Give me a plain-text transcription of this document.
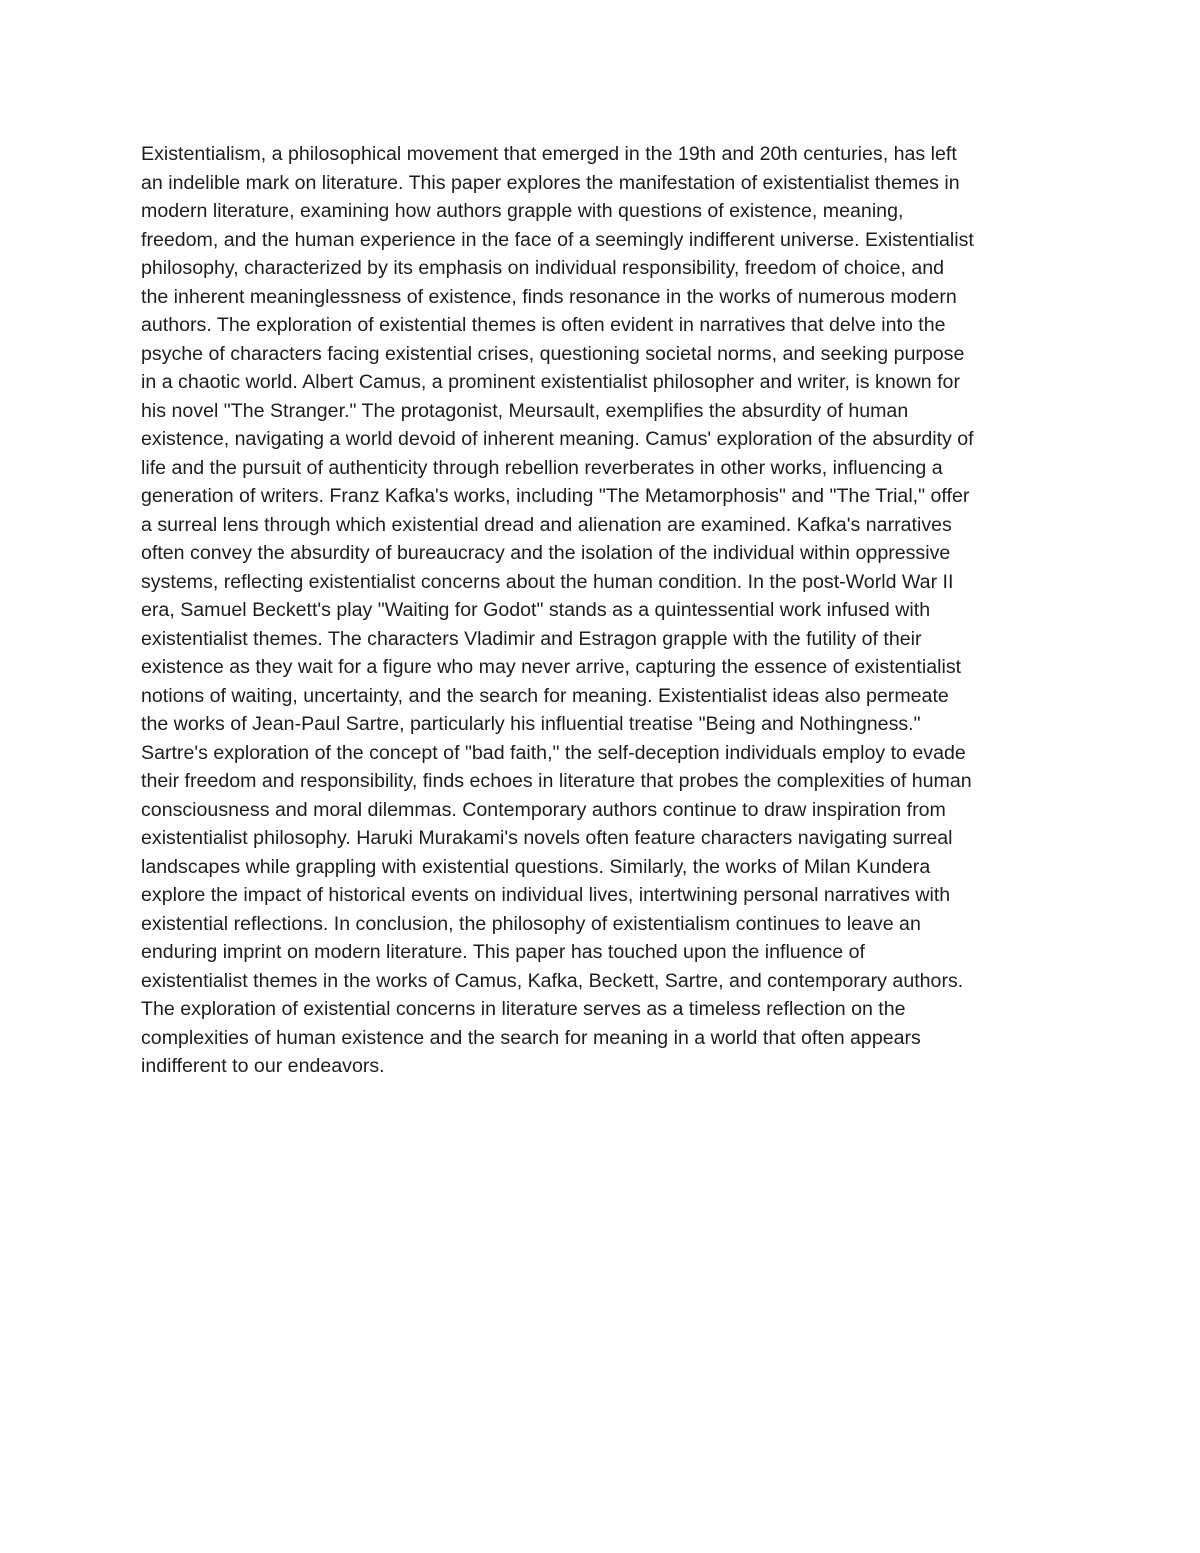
Existentialism, a philosophical movement that emerged in the 19th and 20th centuries, has left
an indelible mark on literature. This paper explores the manifestation of existentialist themes in
modern literature, examining how authors grapple with questions of existence, meaning,
freedom, and the human experience in the face of a seemingly indifferent universe. Existentialist
philosophy, characterized by its emphasis on individual responsibility, freedom of choice, and
the inherent meaninglessness of existence, finds resonance in the works of numerous modern
authors. The exploration of existential themes is often evident in narratives that delve into the
psyche of characters facing existential crises, questioning societal norms, and seeking purpose
in a chaotic world. Albert Camus, a prominent existentialist philosopher and writer, is known for
his novel "The Stranger." The protagonist, Meursault, exemplifies the absurdity of human
existence, navigating a world devoid of inherent meaning. Camus' exploration of the absurdity of
life and the pursuit of authenticity through rebellion reverberates in other works, influencing a
generation of writers. Franz Kafka's works, including "The Metamorphosis" and "The Trial," offer
a surreal lens through which existential dread and alienation are examined. Kafka's narratives
often convey the absurdity of bureaucracy and the isolation of the individual within oppressive
systems, reflecting existentialist concerns about the human condition. In the post-World War II
era, Samuel Beckett's play "Waiting for Godot" stands as a quintessential work infused with
existentialist themes. The characters Vladimir and Estragon grapple with the futility of their
existence as they wait for a figure who may never arrive, capturing the essence of existentialist
notions of waiting, uncertainty, and the search for meaning. Existentialist ideas also permeate
the works of Jean-Paul Sartre, particularly his influential treatise "Being and Nothingness."
Sartre's exploration of the concept of "bad faith," the self-deception individuals employ to evade
their freedom and responsibility, finds echoes in literature that probes the complexities of human
consciousness and moral dilemmas. Contemporary authors continue to draw inspiration from
existentialist philosophy. Haruki Murakami's novels often feature characters navigating surreal
landscapes while grappling with existential questions. Similarly, the works of Milan Kundera
explore the impact of historical events on individual lives, intertwining personal narratives with
existential reflections. In conclusion, the philosophy of existentialism continues to leave an
enduring imprint on modern literature. This paper has touched upon the influence of
existentialist themes in the works of Camus, Kafka, Beckett, Sartre, and contemporary authors.
The exploration of existential concerns in literature serves as a timeless reflection on the
complexities of human existence and the search for meaning in a world that often appears
indifferent to our endeavors.
